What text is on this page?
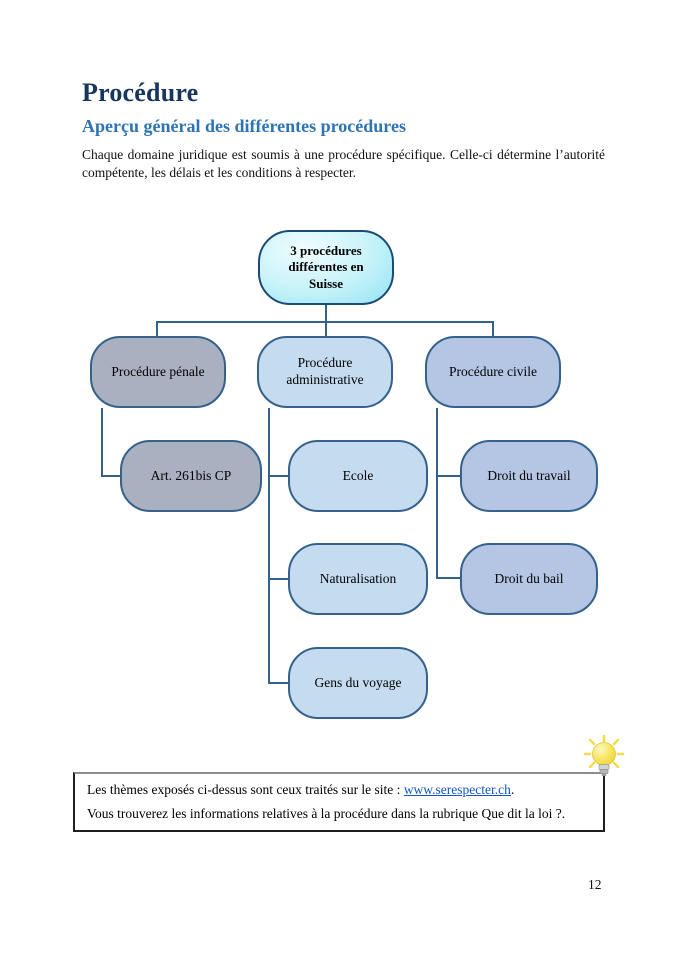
Procédure
Aperçu général des différentes procédures
Chaque domaine juridique est soumis à une procédure spécifique. Celle-ci détermine l’autorité compétente, les délais et les conditions à respecter.
3 procédures
différentes en Suisse
Procédure pénale
Procédure administrative
Procédure civile
Art. 261bis CP	Ecole	Droit du travail
Naturalisation	Droit du bail
Gens du voyage
Les thèmes exposés ci-dessus sont ceux traités sur le site : www.serespecter.ch.
Vous trouverez les informations relatives à la procédure dans la rubrique Que dit la loi ?.
12
